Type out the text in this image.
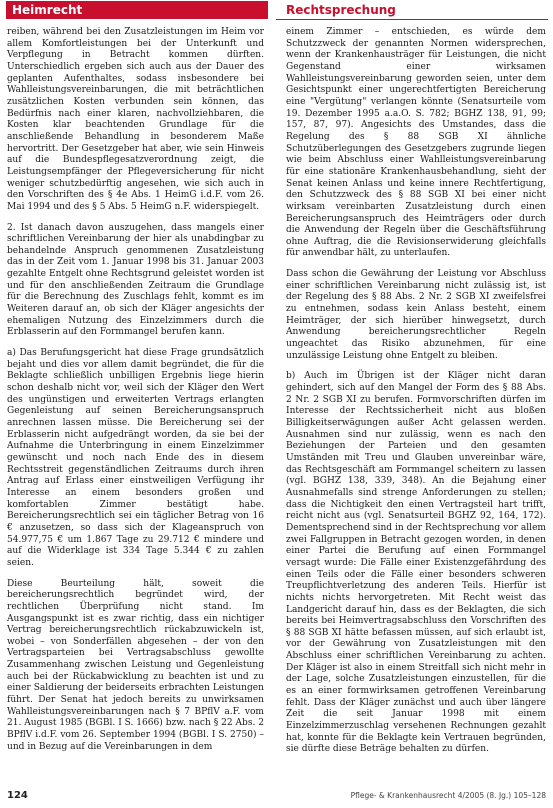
Heimrecht	Rechtsprechung

reiben, während bei den Zusatzleistungen im Heim vor allem Komfortleistungen bei der Unterkunft und Verpflegung in Betracht kommen dürften. Unterschiedlich ergeben sich auch aus der Dauer des geplanten Aufenthaltes, sodass insbesondere bei Wahlleistungsvereinbarungen, die mit beträchtlichen zusätzlichen Kosten verbunden sein können, das Bedürfnis nach einer klaren, nachvollziehbaren, die Kosten klar beachtenden Grundlage für die anschließende Behandlung in besonderem Maße hervortritt. Der Gesetzgeber hat aber, wie sein Hinweis auf die Bundespflegesatzverordnung zeigt, die Leistungsempfänger der Pflegeversicherung für nicht weniger schutzbedürftig angesehen, wie sich auch in den Vorschriften des § 4e Abs. 1 HeimG i.d.F. vom 26. Mai 1994 und des § 5 Abs. 5 HeimG n.F. widerspiegelt.

2. Ist danach davon auszugehen, dass mangels einer schriftlichen Vereinbarung der hier als unabdingbar zu behandelnde Anspruch genommenen Zusatzleistung das in der Zeit vom 1. Januar 1998 bis 31. Januar 2003 gezahlte Entgelt ohne Rechtsgrund geleistet worden ist und für den anschließenden Zeitraum die Grundlage für die Berechnung des Zuschlags fehlt, kommt es im Weiteren darauf an, ob sich der Kläger angesichts der ehemaligen Nutzung des Einzelzimmers durch die Erblasserin auf den Formmangel berufen kann.

a) Das Berufungsgericht hat diese Frage grundsätzlich bejaht und dies vor allem damit begründet, die für die Beklagte schließlich unbilligen Ergebnis liege hierin schon deshalb nicht vor, weil sich der Kläger den Wert des ungünstigen und erweiterten Vertrags erlangten Gegenleistung auf seinen Bereicherungsanspruch anrechnen lassen müsse. Die Bereicherung sei der Erblasserin nicht aufgedrängt worden, da sie bei der Aufnahme die Unterbringung in einem Einzelzimmer gewünscht und noch nach Ende des in diesem Rechtsstreit gegenständlichen Zeitraums durch ihren Antrag auf Erlass einer einstweiligen Verfügung ihr Interesse an einem besonders großen und komfortablen Zimmer bestätigt habe. Bereicherungsrechtlich sei ein täglicher Betrag von 16 € anzusetzen, so dass sich der Klageanspruch von 54.977,75 € um 1.867 Tage zu 29.712 € mindere und auf die Widerklage ist 334 Tage 5.344 € zu zahlen seien.

Diese Beurteilung hält, soweit die bereicherungsrechtlich begründet wird, der rechtlichen Überprüfung nicht stand. Im Ausgangspunkt ist es zwar richtig, dass ein nichtiger Vertrag bereicherungsrechtlich rückabzuwickeln ist, wobei – von Sonderfällen abgesehen – der von den Vertragsparteien bei Vertragsabschluss gewollte Zusammenhang zwischen Leistung und Gegenleistung auch bei der Rückabwicklung zu beachten ist und zu einer Saldierung der beiderseits erbrachten Leistungen führt. Der Senat hat jedoch bereits zu unwirksamen Wahlleistungsvereinbarungen nach § 7 BPflV a.F. vom 21. August 1985 (BGBl. I S. 1666) bzw. nach § 22 Abs. 2 BPflV i.d.F. vom 26. September 1994 (BGBl. I S. 2750) – und in Bezug auf die Vereinbarungen in dem

einem Zimmer – entschieden, es würde dem Schutzzweck der genannten Normen widersprechen, wenn der Krankenhausträger für Leistungen, die nicht Gegenstand einer wirksamen Wahlleistungsvereinbarung geworden seien, unter dem Gesichtspunkt einer ungerechtfertigten Bereicherung eine "Vergütung" verlangen könnte (Senatsurteile vom 19. Dezember 1995 a.a.O. S. 782; BGHZ 138, 91, 99; 157, 87, 97). Angesichts des Umstandes, dass die Regelung des § 88 SGB XI ähnliche Schutzüberlegungen des Gesetzgebers zugrunde liegen wie beim Abschluss einer Wahlleistungsvereinbarung für eine stationäre Krankenhausbehandlung, sieht der Senat keinen Anlass und keine innere Rechtfertigung, den Schutzzweck des § 88 SGB XI bei einer nicht wirksam vereinbarten Zusatzleistung durch einen Bereicherungsanspruch des Heimträgers oder durch die Anwendung der Regeln über die Geschäftsführung ohne Auftrag, die die Revisionserwiderung gleichfalls für anwendbar hält, zu unterlaufen.

Dass schon die Gewährung der Leistung vor Abschluss einer schriftlichen Vereinbarung nicht zulässig ist, ist der Regelung des § 88 Abs. 2 Nr. 2 SGB XI zweifelsfrei zu entnehmen, sodass kein Anlass besteht, einem Heimträger, der sich hierüber hinwegsetzt, durch Anwendung bereicherungsrechtlicher Regeln ungeachtet das Risiko abzunehmen, für eine unzulässige Leistung ohne Entgelt zu bleiben.

b) Auch im Übrigen ist der Kläger nicht daran gehindert, sich auf den Mangel der Form des § 88 Abs. 2 Nr. 2 SGB XI zu berufen. Formvorschriften dürfen im Interesse der Rechtssicherheit nicht aus bloßen Billigkeitserwägungen außer Acht gelassen werden. Ausnahmen sind nur zulässig, wenn es nach den Beziehungen der Parteien und den gesamten Umständen mit Treu und Glauben unvereinbar wäre, das Rechtsgeschäft am Formmangel scheitern zu lassen (vgl. BGHZ 138, 339, 348). An die Bejahung einer Ausnahmefalls sind strenge Anforderungen zu stellen; dass die Nichtigkeit den einen Vertragsteil hart trifft, reicht nicht aus (vgl. Senatsurteil BGHZ 92, 164, 172). Dementsprechend sind in der Rechtsprechung vor allem zwei Fallgruppen in Betracht gezogen worden, in denen einer Partei die Berufung auf einen Formmangel versagt wurde: Die Fälle einer Existenzgefährdung des einen Teils oder die Fälle einer besonders schweren Treupflichtverletzung des anderen Teils. Hierfür ist nichts nichts hervorgetreten. Mit Recht weist das Landgericht darauf hin, dass es der Beklagten, die sich bereits bei Heimvertragsabschluss den Vorschriften des § 88 SGB XI hätte befassen müssen, auf sich erlaubt ist, vor der Gewährung von Zusatzleistungen mit den Abschluss einer schriftlichen Vereinbarung zu achten. Der Kläger ist also in einem Streitfall sich nicht mehr in der Lage, solche Zusatzleistungen einzustellen, für die es an einer formwirksamen getroffenen Vereinbarung fehlt. Dass der Kläger zunächst und auch über längere Zeit die seit Januar 1998 mit einem Einzelzimmerzuschlag versehenen Rechnungen gezahlt hat, konnte für die Beklagte kein Vertrauen begründen, sie dürfte diese Beträge behalten zu dürfen.

124	Pflege- & Krankenhausrecht 4/2005 (8. Jg.) 105–128
